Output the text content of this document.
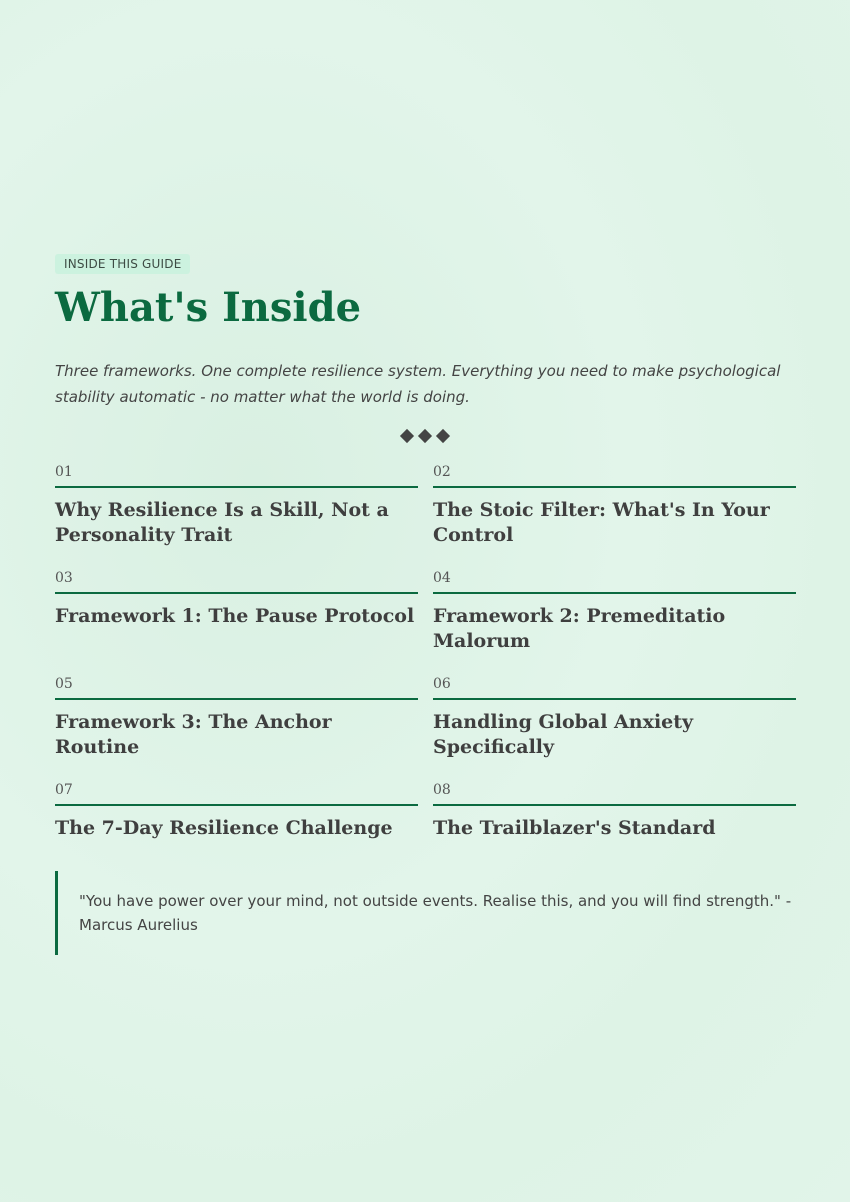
INSIDE THIS GUIDE
What's Inside

Three frameworks. One complete resilience system. Everything you need to make psychological stability automatic - no matter what the world is doing.

01
Why Resilience Is a Skill, Not a Personality Trait
02
The Stoic Filter: What's In Your Control
03
Framework 1: The Pause Protocol
04
Framework 2: Premeditatio Malorum
05
Framework 3: The Anchor Routine
06
Handling Global Anxiety Specifically
07
The 7-Day Resilience Challenge
08
The Trailblazer's Standard
"You have power over your mind, not outside events. Realise this, and you will find strength." - Marcus Aurelius
